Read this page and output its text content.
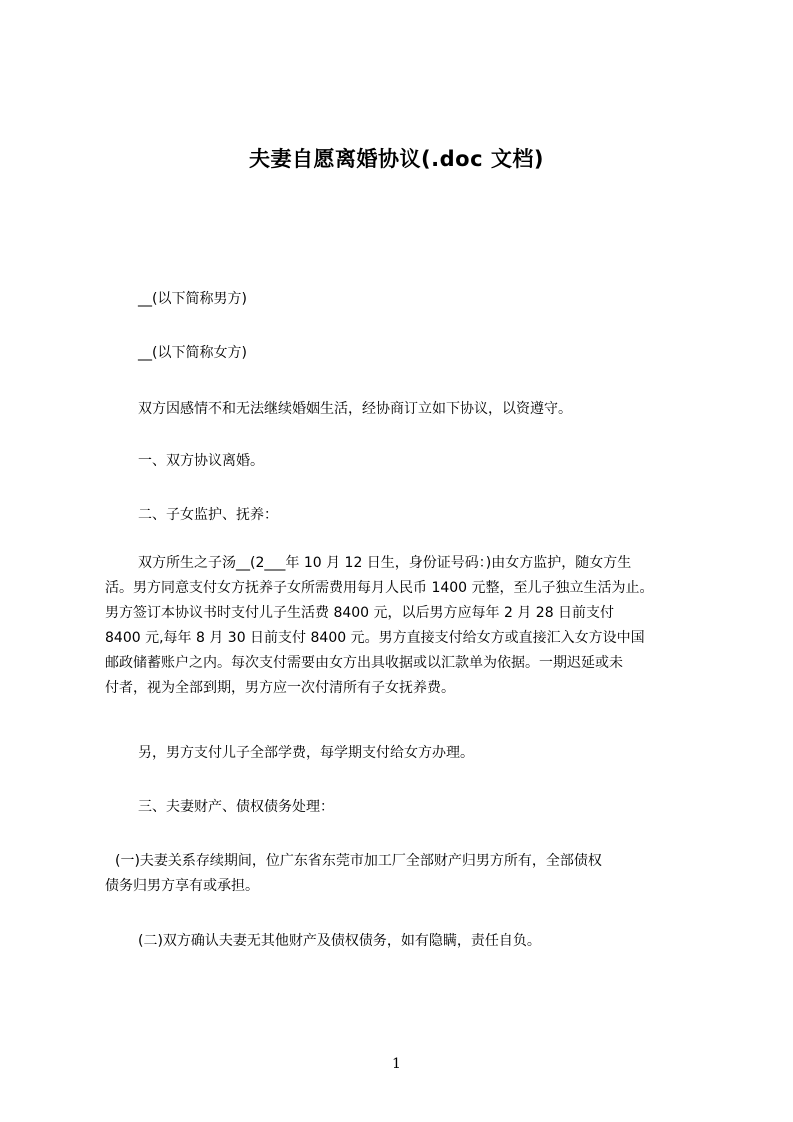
夫妻自愿离婚协议(.doc 文档)
__(以下简称男方)
__(以下简称女方)
双方因感情不和无法继续婚姻生活，经协商订立如下协议，以资遵守。
一、双方协议离婚。
二、子女监护、抚养：
双方所生之子汤__(2___年 10 月 12 日生，身份证号码：)由女方监护，随女方生
活。男方同意支付女方抚养子女所需费用每月人民币 1400 元整，至儿子独立生活为止。
男方签订本协议书时支付儿子生活费 8400 元，以后男方应每年 2 月 28 日前支付
8400 元,每年 8 月 30 日前支付 8400 元。男方直接支付给女方或直接汇入女方设中国
邮政储蓄账户之内。每次支付需要由女方出具收据或以汇款单为依据。一期迟延或未
付者，视为全部到期，男方应一次付清所有子女抚养费。
另，男方支付儿子全部学费，每学期支付给女方办理。
三、夫妻财产、债权债务处理：
(一)夫妻关系存续期间，位广东省东莞市加工厂全部财产归男方所有，全部债权
债务归男方享有或承担。
(二)双方确认夫妻无其他财产及债权债务，如有隐瞒，责任自负。
1
